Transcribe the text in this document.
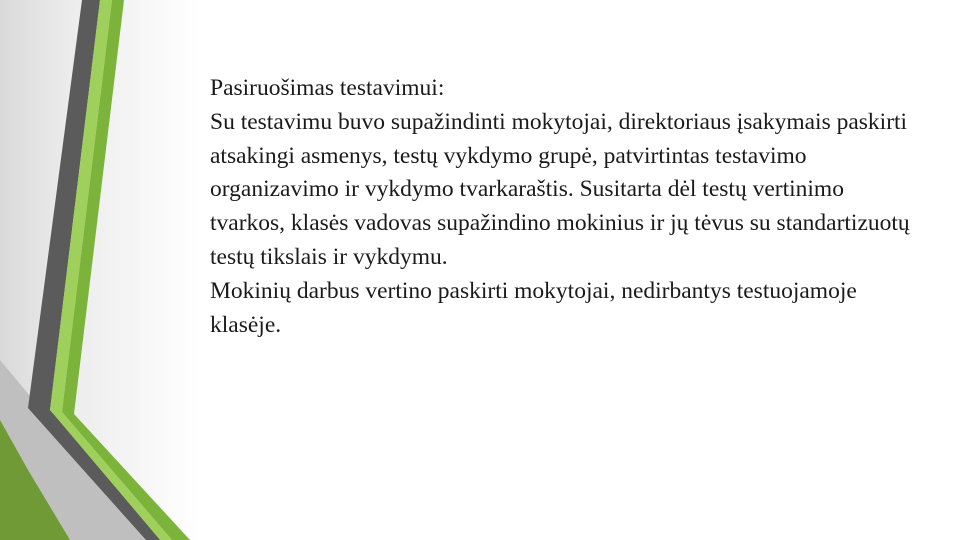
Pasiruošimas testavimui:

Su testavimu buvo supažindinti mokytojai, direktoriaus įsakymais paskirti atsakingi asmenys, testų vykdymo grupė, patvirtintas testavimo organizavimo ir vykdymo tvarkaraštis. Susitarta dėl testų vertinimo tvarkos, klasės vadovas supažindino mokinius ir jų tėvus su standartizuotų testų tikslais ir vykdymu.

Mokinių darbus vertino paskirti mokytojai, nedirbantys testuojamoje klasėje.
